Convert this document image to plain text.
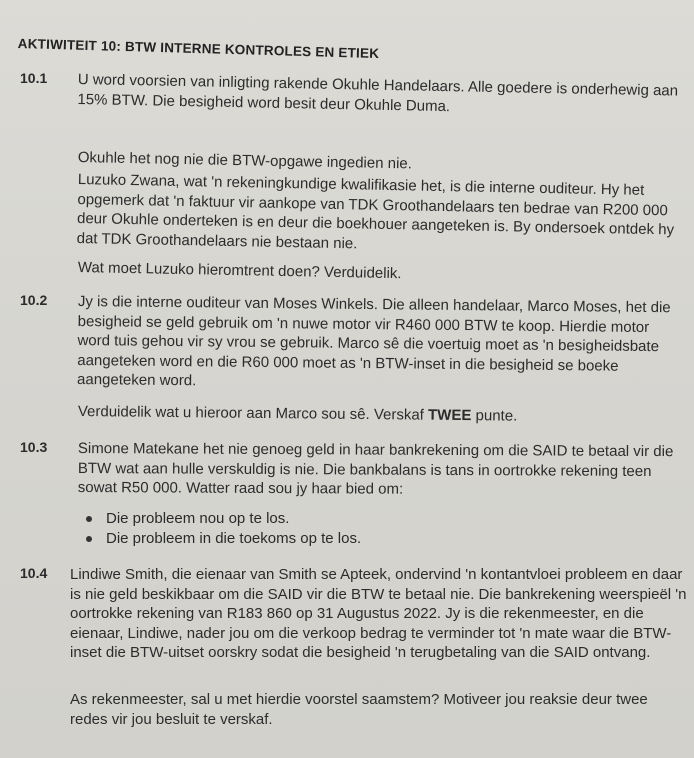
AKTIWITEIT 10: BTW INTERNE KONTROLES EN ETIEK
10.1 U word voorsien van inligting rakende Okuhle Handelaars. Alle goedere is onderhewig aan 15% BTW. Die besigheid word besit deur Okuhle Duma.

Okuhle het nog nie die BTW-opgawe ingedien nie.

Luzuko Zwana, wat 'n rekeningkundige kwalifikasie het, is die interne ouditeur. Hy het opgemerk dat 'n faktuur vir aankope van TDK Groothandelaars ten bedrae van R200 000 deur Okuhle onderteken is en deur die boekhouer aangeteken is. By ondersoek ontdek hy dat TDK Groothandelaars nie bestaan nie.

Wat moet Luzuko hieromtrent doen? Verduidelik.

10.2 Jy is die interne ouditeur van Moses Winkels. Die alleen handelaar, Marco Moses, het die besigheid se geld gebruik om 'n nuwe motor vir R460 000 BTW te koop. Hierdie motor word tuis gehou vir sy vrou se gebruik. Marco sê die voertuig moet as 'n besigheidsbate aangeteken word en die R60 000 moet as 'n BTW-inset in die besigheid se boeke aangeteken word.

Verduidelik wat u hieroor aan Marco sou sê. Verskaf TWEE punte.

10.3 Simone Matekane het nie genoeg geld in haar bankrekening om die SAID te betaal vir die BTW wat aan hulle verskuldig is nie. Die bankbalans is tans in oortrokke rekening teen sowat R50 000. Watter raad sou jy haar bied om:

Die probleem nou op te los.
Die probleem in die toekoms op te los.
10.4 Lindiwe Smith, die eienaar van Smith se Apteek, ondervind 'n kontantvloei probleem en daar is nie geld beskikbaar om die SAID vir die BTW te betaal nie. Die bankrekening weerspieël 'n oortrokke rekening van R183 860 op 31 Augustus 2022. Jy is die rekenmeester, en die eienaar, Lindiwe, nader jou om die verkoop bedrag te verminder tot 'n mate waar die BTW-inset die BTW-uitset oorskry sodat die besigheid 'n terugbetaling van die SAID ontvang.

As rekenmeester, sal u met hierdie voorstel saamstem? Motiveer jou reaksie deur twee redes vir jou besluit te verskaf.
